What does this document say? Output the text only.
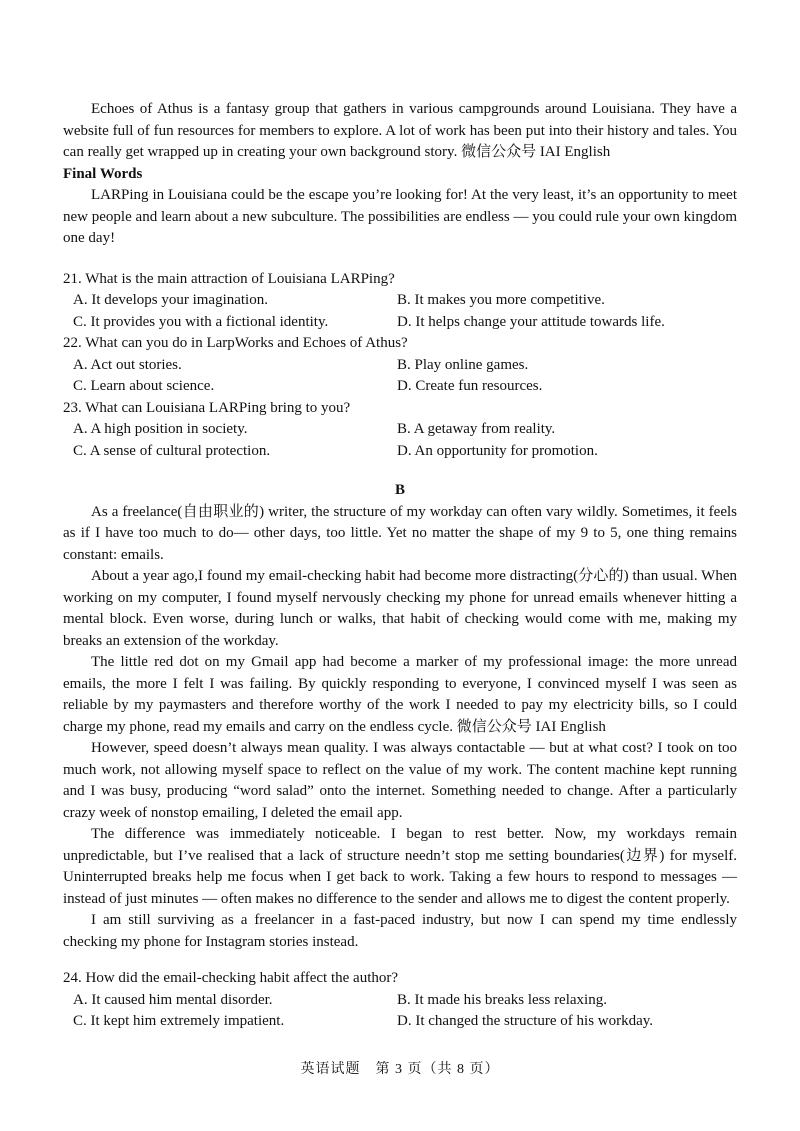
Echoes of Athus is a fantasy group that gathers in various campgrounds around Louisiana. They have a website full of fun resources for members to explore. A lot of work has been put into their history and tales. You can really get wrapped up in creating your own background story. 微信公众号 IAI English

Final Words

LARPing in Louisiana could be the escape you’re looking for! At the very least, it’s an opportunity to meet new people and learn about a new subculture. The possibilities are endless — you could rule your own kingdom one day!

21. What is the main attraction of Louisiana LARPing?

A. It develops your imagination.	B. It makes you more competitive.

C. It provides you with a fictional identity.	D. It helps change your attitude towards life.

22. What can you do in LarpWorks and Echoes of Athus?

A. Act out stories.	B. Play online games.

C. Learn about science.	D. Create fun resources.

23. What can Louisiana LARPing bring to you?

A. A high position in society.	B. A getaway from reality.

C. A sense of cultural protection.	D. An opportunity for promotion.

B

As a freelance(自由职业的) writer, the structure of my workday can often vary wildly. Sometimes, it feels as if I have too much to do— other days, too little. Yet no matter the shape of my 9 to 5, one thing remains constant: emails.

About a year ago,I found my email-checking habit had become more distracting(分心的) than usual. When working on my computer, I found myself nervously checking my phone for unread emails whenever hitting a mental block. Even worse, during lunch or walks, that habit of checking would come with me, making my breaks an extension of the workday.

The little red dot on my Gmail app had become a marker of my professional image: the more unread emails, the more I felt I was failing. By quickly responding to everyone, I convinced myself I was seen as reliable by my paymasters and therefore worthy of the work I needed to pay my electricity bills, so I could charge my phone, read my emails and carry on the endless cycle. 微信公众号 IAI English

However, speed doesn’t always mean quality. I was always contactable — but at what cost? I took on too much work, not allowing myself space to reflect on the value of my work. The content machine kept running and I was busy, producing “word salad” onto the internet. Something needed to change. After a particularly crazy week of nonstop emailing, I deleted the email app.

The difference was immediately noticeable. I began to rest better. Now, my workdays remain unpredictable, but I’ve realised that a lack of structure needn’t stop me setting boundaries(边界) for myself. Uninterrupted breaks help me focus when I get back to work. Taking a few hours to respond to messages — instead of just minutes — often makes no difference to the sender and allows me to digest the content properly.

I am still surviving as a freelancer in a fast-paced industry, but now I can spend my time endlessly checking my phone for Instagram stories instead.

24. How did the email-checking habit affect the author?

A. It caused him mental disorder.	B. It made his breaks less relaxing.

C. It kept him extremely impatient.	D. It changed the structure of his workday.

英语试题　第 3 页（共 8 页）
